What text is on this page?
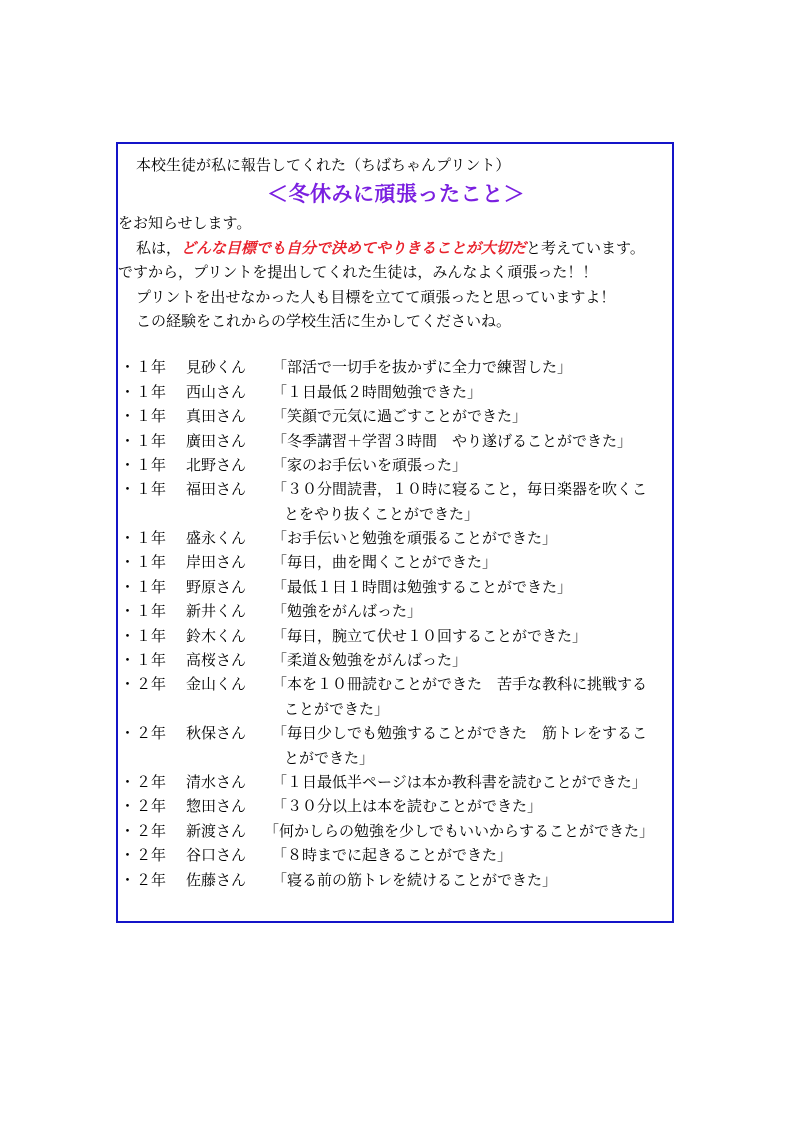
本校生徒が私に報告してくれた（ちばちゃんプリント）
＜冬休みに頑張ったこと＞
をお知らせします。
私は，どんな目標でも自分で決めてやりきることが大切だと考えています。
ですから，プリントを提出してくれた生徒は，みんなよく頑張った！！
プリントを出せなかった人も目標を立てて頑張ったと思っていますよ！
この経験をこれからの学校生活に生かしてくださいね。
・ １年	見砂くん	「部活で一切手を抜かずに全力で練習した」
・ １年	西山さん	「１日最低２時間勉強できた」
・ １年	真田さん	「笑顔で元気に過ごすことができた」
・ １年	廣田さん	「冬季講習＋学習３時間　やり遂げることができた」
・ １年	北野さん	「家のお手伝いを頑張った」
・ １年	福田さん	「３０分間読書，１０時に寝ること，毎日楽器を吹くこ
とをやり抜くことができた」
・ １年	盛永くん	「お手伝いと勉強を頑張ることができた」
・ １年	岸田さん	「毎日，曲を聞くことができた」
・ １年	野原さん	「最低１日１時間は勉強することができた」
・ １年	新井くん	「勉強をがんばった」
・ １年	鈴木くん	「毎日，腕立て伏せ１０回することができた」
・ １年	高桜さん	「柔道＆勉強をがんばった」
・ ２年	金山くん	「本を１０冊読むことができた　苦手な教科に挑戦する
ことができた」
・ ２年	秋保さん	「毎日少しでも勉強することができた　筋トレをするこ
とができた」
・ ２年	清水さん	「１日最低半ページは本か教科書を読むことができた」
・ ２年	惣田さん	「３０分以上は本を読むことができた」
・ ２年	新渡さん	「何かしらの勉強を少しでもいいからすることができた」
・ ２年	谷口さん	「８時までに起きることができた」
・ ２年	佐藤さん	「寝る前の筋トレを続けることができた」
